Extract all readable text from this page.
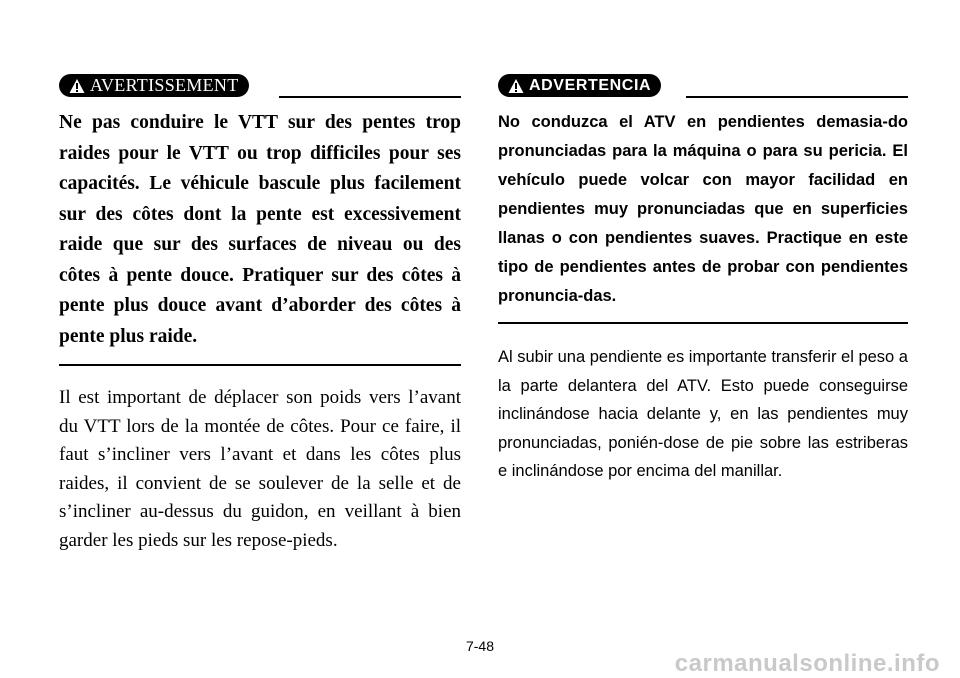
AVERTISSEMENT

Ne pas conduire le VTT sur des pentes trop raides pour le VTT ou trop difficiles pour ses capacités. Le véhicule bascule plus facilement sur des côtes dont la pente est excessivement raide que sur des surfaces de niveau ou des côtes à pente douce. Pratiquer sur des côtes à pente plus douce avant d’aborder des côtes à pente plus raide.

Il est important de déplacer son poids vers l’avant du VTT lors de la montée de côtes. Pour ce faire, il faut s’incliner vers l’avant et dans les côtes plus raides, il convient de se soulever de la selle et de s’incliner au-dessus du guidon, en veillant à bien garder les pieds sur les repose-pieds.

ADVERTENCIA

No conduzca el ATV en pendientes demasia-do pronunciadas para la máquina o para su pericia. El vehículo puede volcar con mayor facilidad en pendientes muy pronunciadas que en superficies llanas o con pendientes suaves. Practique en este tipo de pendientes antes de probar con pendientes pronuncia-das.

Al subir una pendiente es importante transferir el peso a la parte delantera del ATV. Esto puede conseguirse inclinándose hacia delante y, en las pendientes muy pronunciadas, ponién-dose de pie sobre las estriberas e inclinándose por encima del manillar.

7-48
carmanualsonline.info
